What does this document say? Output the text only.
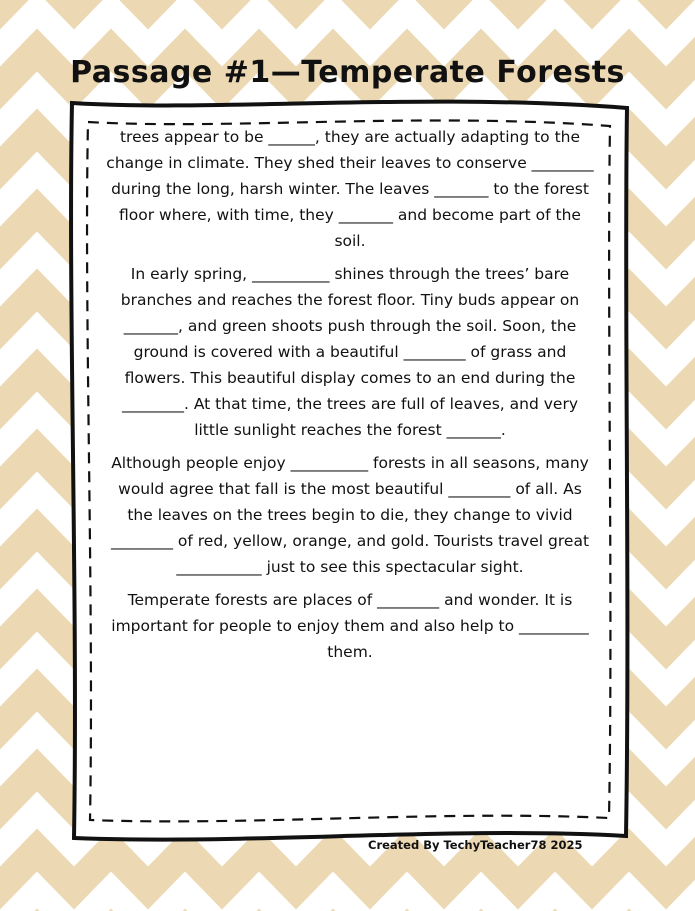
Passage #1—Temperate Forests

trees appear to be ______, they are actually adapting to the change in climate. They shed their leaves to conserve ________ during the long, harsh winter. The leaves _______ to the forest floor where, with time, they _______ and become part of the soil.

In early spring, __________ shines through the trees’ bare branches and reaches the forest floor. Tiny buds appear on _______, and green shoots push through the soil. Soon, the ground is covered with a beautiful ________ of grass and flowers. This beautiful display comes to an end during the ________. At that time, the trees are full of leaves, and very little sunlight reaches the forest _______.

Although people enjoy __________ forests in all seasons, many would agree that fall is the most beautiful ________ of all. As the leaves on the trees begin to die, they change to vivid ________ of red, yellow, orange, and gold. Tourists travel great ___________ just to see this spectacular sight.

Temperate forests are places of ________ and wonder. It is important for people to enjoy them and also help to _________ them.

Created By TechyTeacher78 2025
